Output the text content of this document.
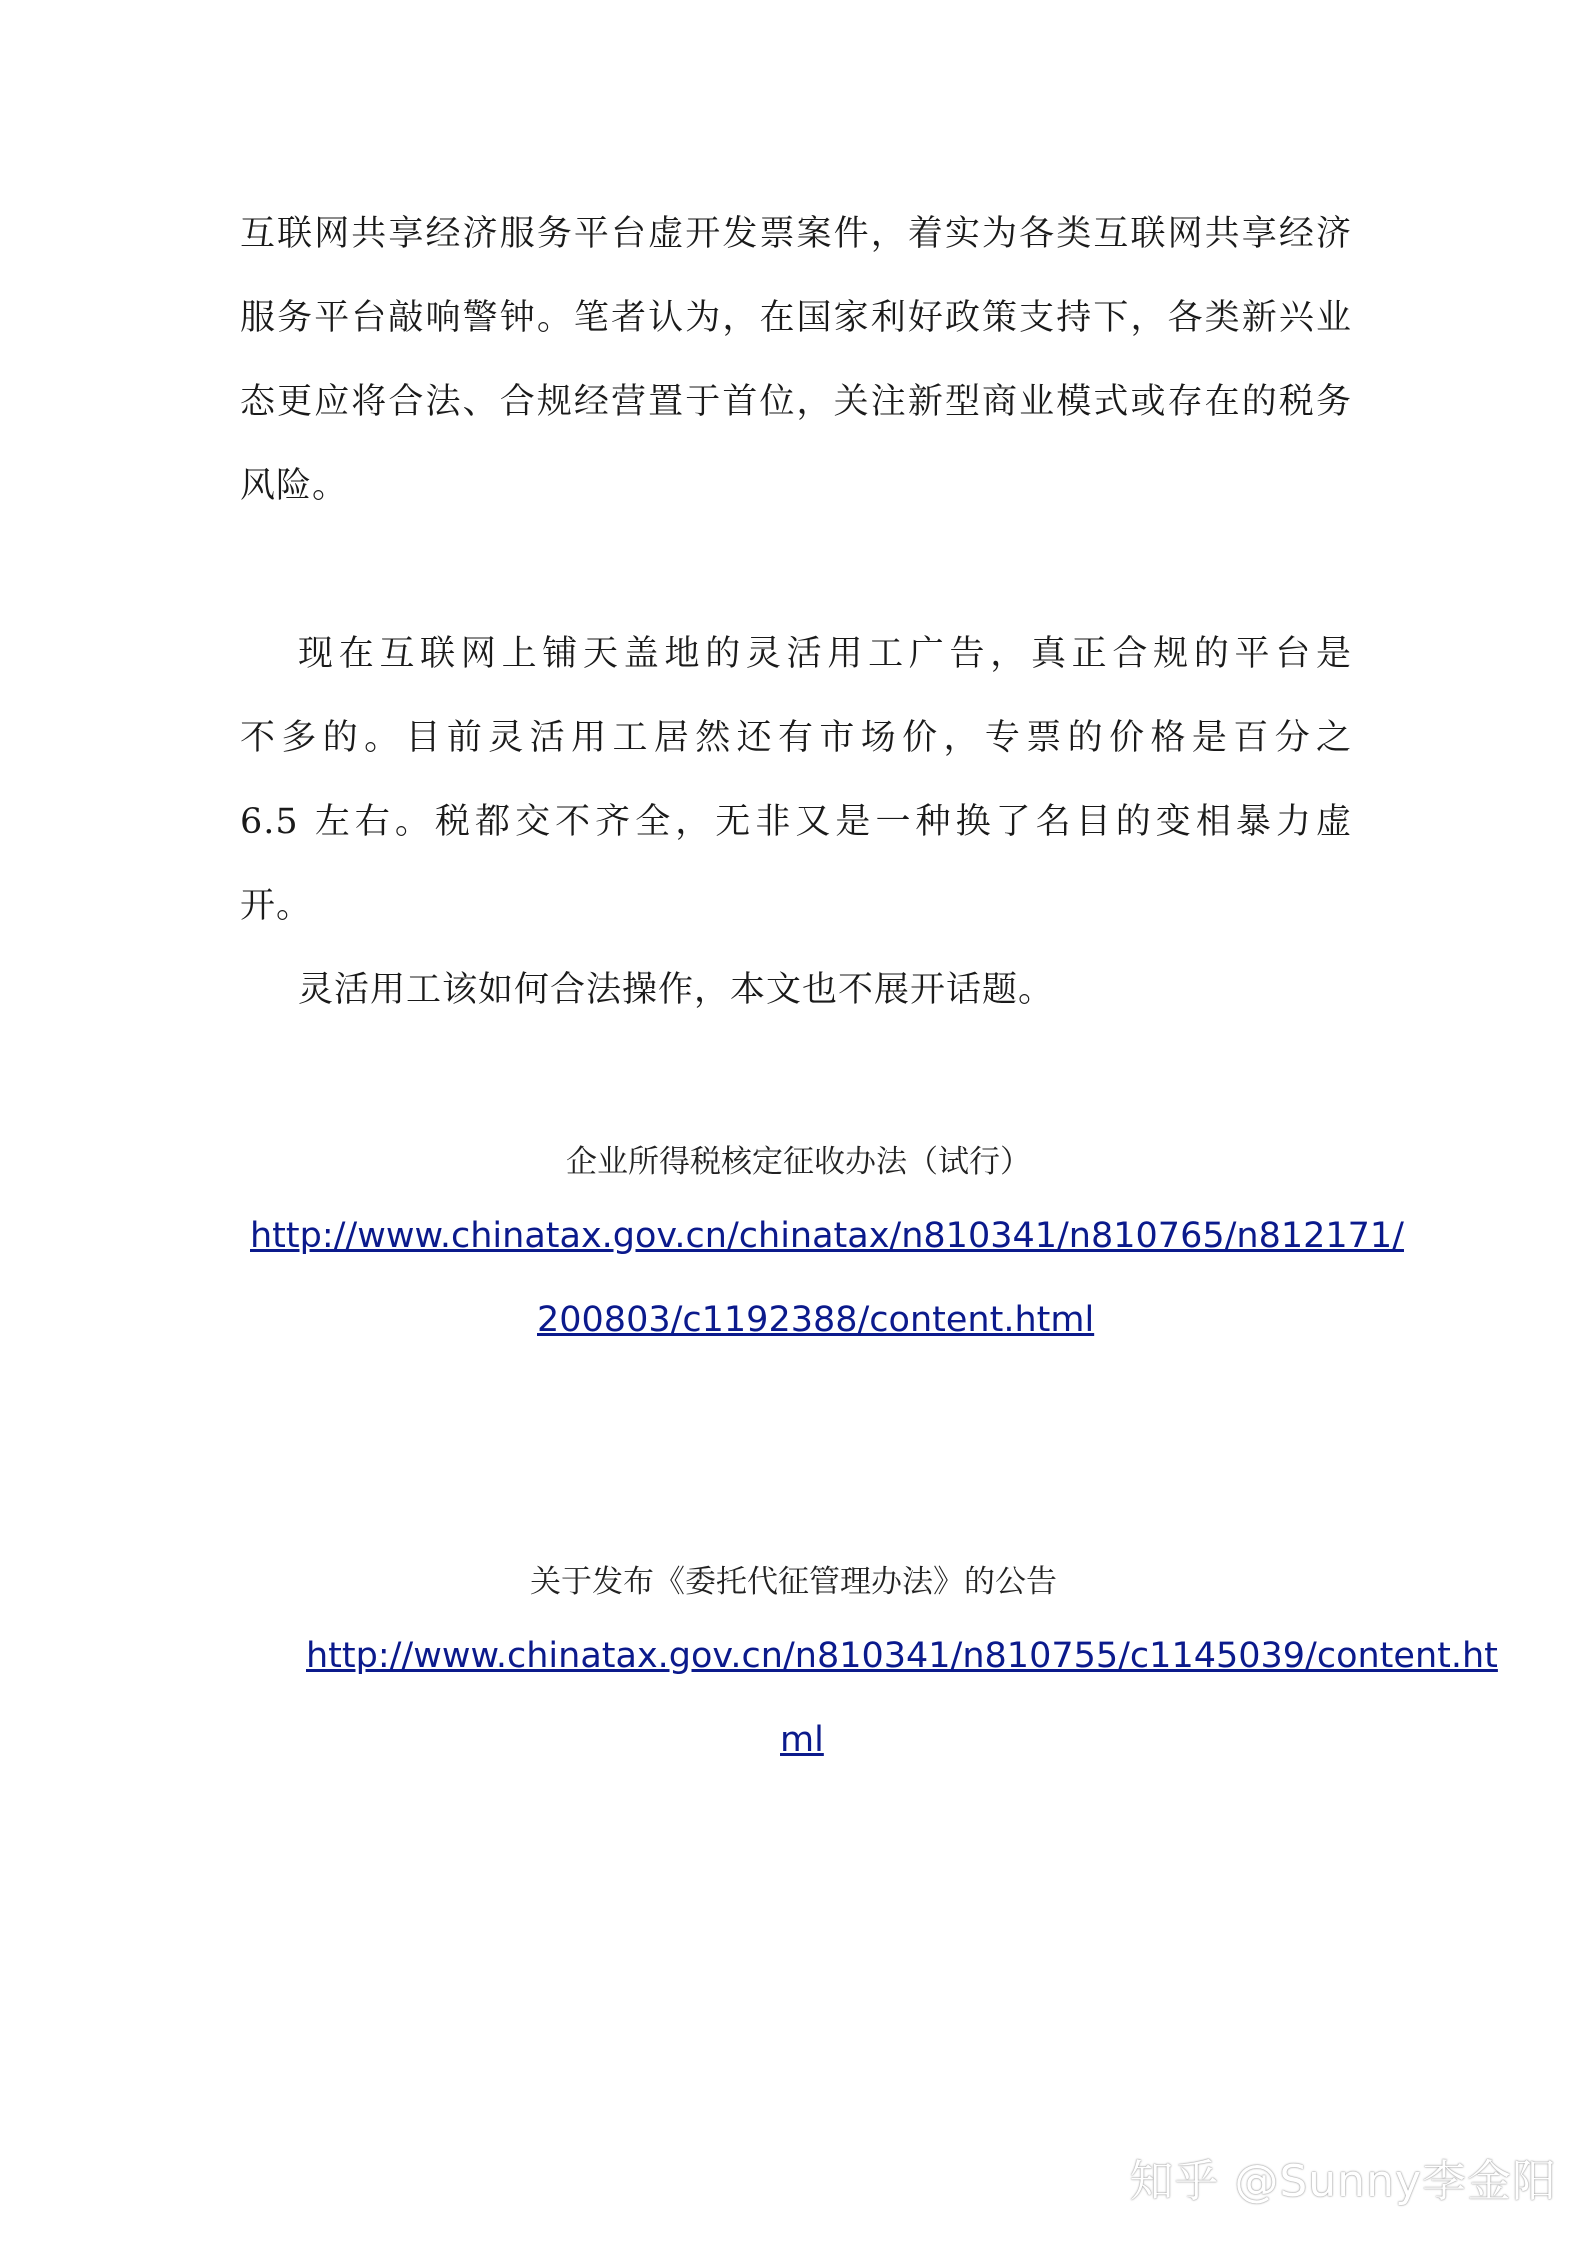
互联网共享经济服务平台虚开发票案件，着实为各类互联网共享经济
服务平台敲响警钟。笔者认为，在国家利好政策支持下，各类新兴业
态更应将合法、合规经营置于首位，关注新型商业模式或存在的税务
风险。
现在互联网上铺天盖地的灵活用工广告，真正合规的平台是
不多的。目前灵活用工居然还有市场价，专票的价格是百分之
6.5 左右。税都交不齐全，无非又是一种换了名目的变相暴力虚
开。
灵活用工该如何合法操作，本文也不展开话题。
企业所得税核定征收办法（试行）
http://www.chinatax.gov.cn/chinatax/n810341/n810765/n812171/
200803/c1192388/content.html
关于发布《委托代征管理办法》的公告
http://www.chinatax.gov.cn/n810341/n810755/c1145039/content.ht
ml
知乎 @Sunny李金阳
